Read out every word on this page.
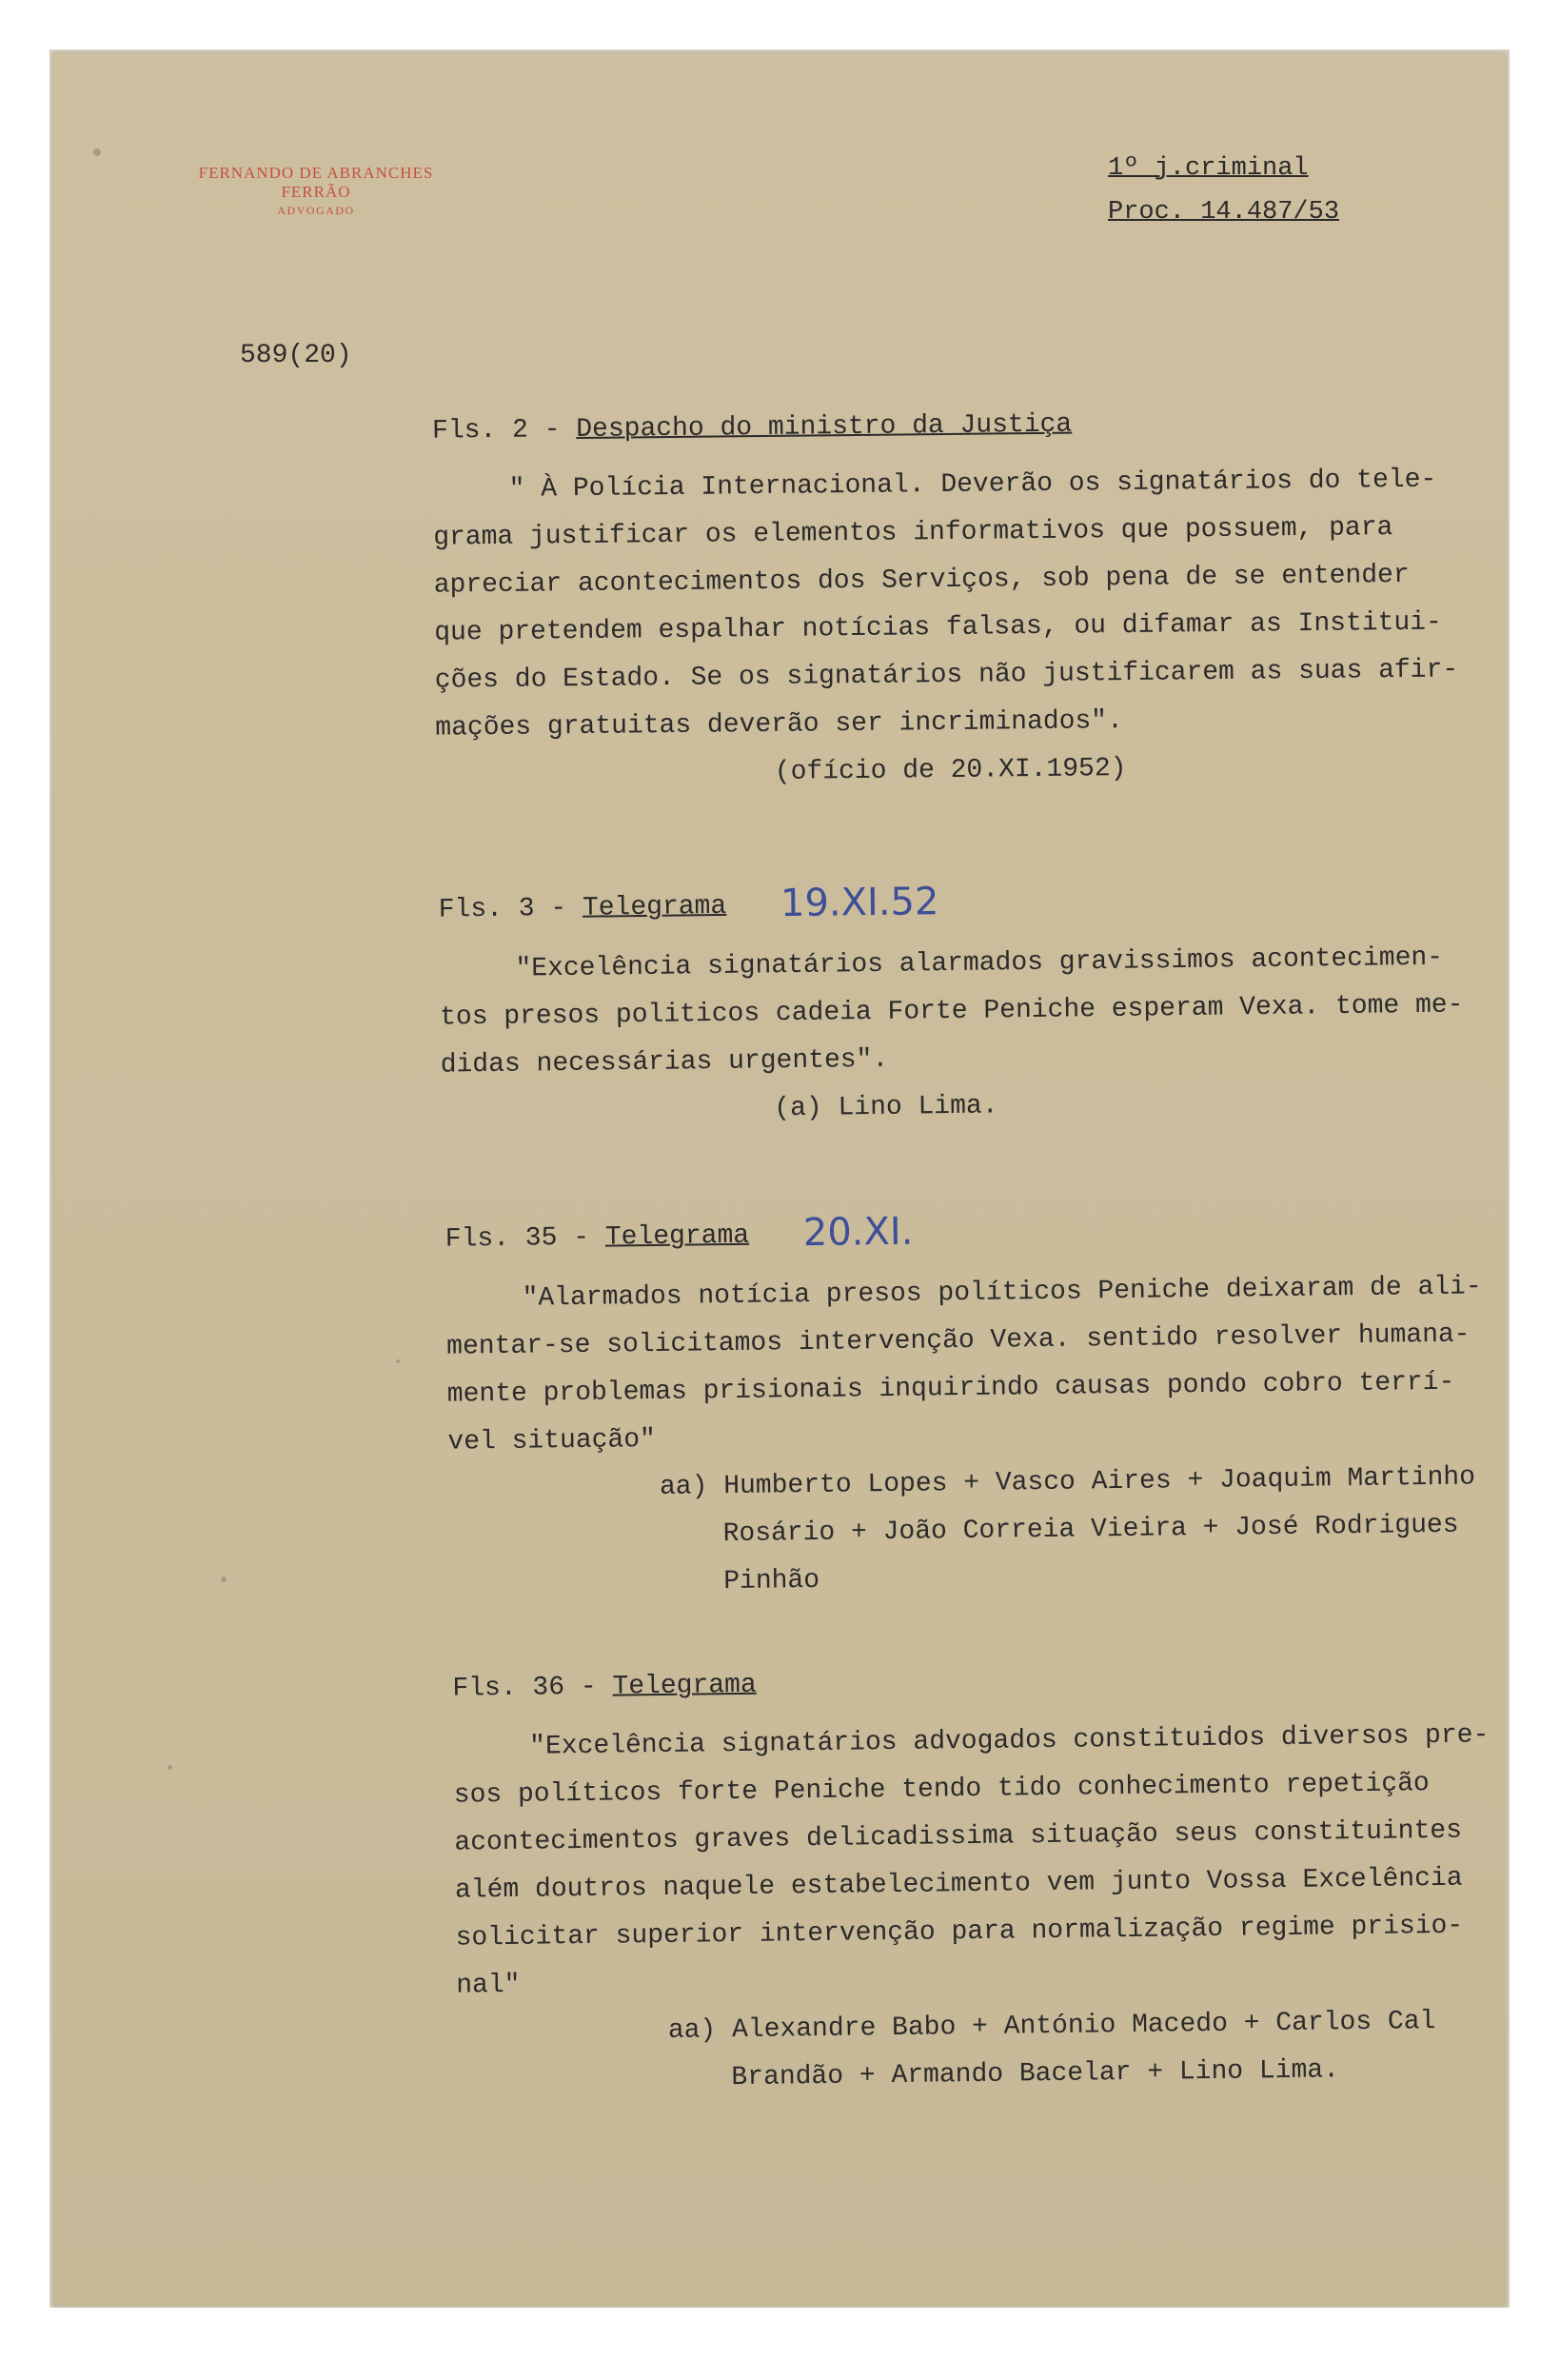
FERNANDO DE ABRANCHES FERRÃO
ADVOGADO
1º j.criminal
Proc. 14.487/53
589(20)
Fls. 2 - Despacho do ministro da Justiça

" À Polícia Internacional. Deverão os signatários do tele-

grama justificar os elementos informativos que possuem, para

apreciar acontecimentos dos Serviços, sob pena de se entender

que pretendem espalhar notícias falsas, ou difamar as Institui-

ções do Estado. Se os signatários não justificarem as suas afir-

mações gratuitas deverão ser incriminados".

(ofício de 20.XI.1952)
Fls. 3 - Telegrama 19.XI.52

"Excelência signatários alarmados gravissimos acontecimen-

tos presos politicos cadeia Forte Peniche esperam Vexa. tome me-

didas necessárias urgentes".

(a) Lino Lima.
Fls. 35 - Telegrama 20.XI.

"Alarmados notícia presos políticos Peniche deixaram de ali-

mentar-se solicitamos intervenção Vexa. sentido resolver humana-

mente problemas prisionais inquirindo causas pondo cobro terrí-

vel situação"

aa) Humberto Lopes + Vasco Aires + Joaquim Martinho
Rosário + João Correia Vieira + José Rodrigues
Pinhão
Fls. 36 - Telegrama

"Excelência signatários advogados constituidos diversos pre-

sos políticos forte Peniche tendo tido conhecimento repetição

acontecimentos graves delicadissima situação seus constituintes

além doutros naquele estabelecimento vem junto Vossa Excelência

solicitar superior intervenção para normalização regime prisio-

nal"

aa) Alexandre Babo + António Macedo + Carlos Cal
Brandão + Armando Bacelar + Lino Lima.
